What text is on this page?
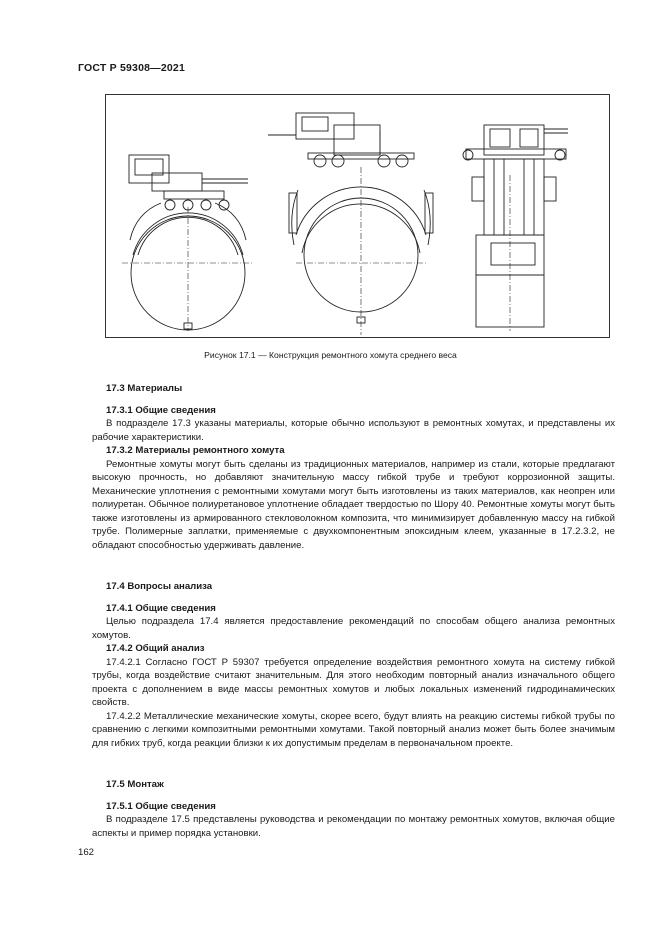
ГОСТ Р 59308—2021
Рисунок 17.1 — Конструкция ремонтного хомута среднего веса

17.3 Материалы

17.3.1 Общие сведения

В подразделе 17.3 указаны материалы, которые обычно используют в ремонтных хомутах, и представлены их рабочие характеристики.

17.3.2 Материалы ремонтного хомута

Ремонтные хомуты могут быть сделаны из традиционных материалов, например из стали, которые предлагают высокую прочность, но добавляют значительную массу гибкой трубе и требуют коррозионной защиты. Механические уплотнения с ремонтными хомутами могут быть изготовлены из таких материалов, как неопрен или полиуретан. Обычное полиуретановое уплотнение обладает твердостью по Шору 40. Ремонтные хомуты могут быть также изготовлены из армированного стекловолокном композита, что минимизирует добавленную массу на гибкой трубе. Полимерные заплатки, применяемые с двухкомпонентным эпоксидным клеем, указанные в 17.2.3.2, не обладают способностью удерживать давление.

17.4 Вопросы анализа

17.4.1 Общие сведения

Целью подраздела 17.4 является предоставление рекомендаций по способам общего анализа ремонтных хомутов.

17.4.2 Общий анализ

17.4.2.1 Согласно ГОСТ Р 59307 требуется определение воздействия ремонтного хомута на систему гибкой трубы, когда воздействие считают значительным. Для этого необходим повторный анализ изначального общего проекта с дополнением в виде массы ремонтных хомутов и любых локальных изменений гидродинамических свойств.

17.4.2.2 Металлические механические хомуты, скорее всего, будут влиять на реакцию системы гибкой трубы по сравнению с легкими композитными ремонтными хомутами. Такой повторный анализ может быть более значимым для гибких труб, когда реакции близки к их допустимым пределам в первоначальном проекте.

17.5 Монтаж

17.5.1 Общие сведения

В подразделе 17.5 представлены руководства и рекомендации по монтажу ремонтных хомутов, включая общие аспекты и пример порядка установки.

162
